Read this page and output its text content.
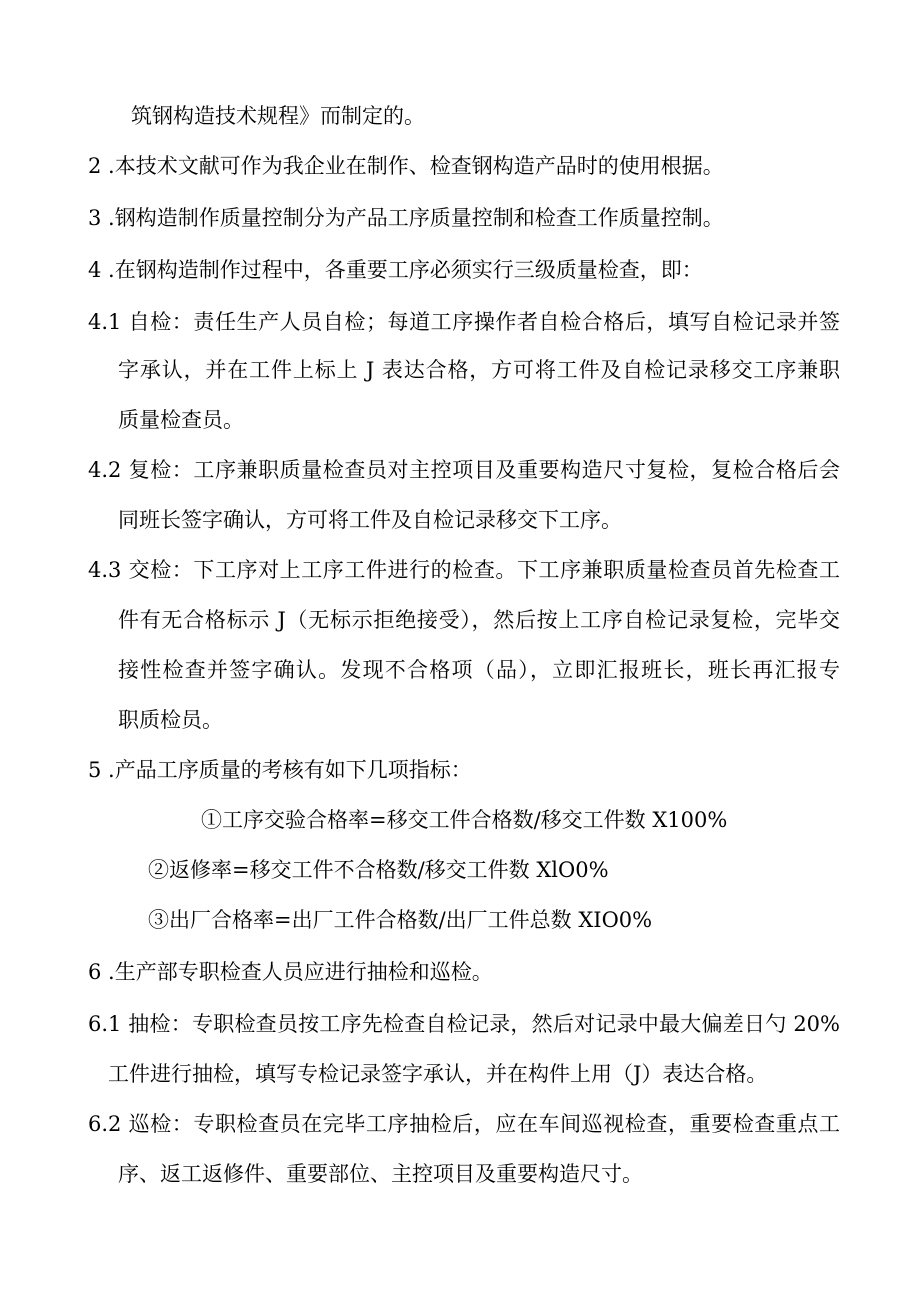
筑钢构造技术规程》而制定的。
2 .本技术文献可作为我企业在制作、检查钢构造产品时的使用根据。
3 .钢构造制作质量控制分为产品工序质量控制和检查工作质量控制。
4 .在钢构造制作过程中，各重要工序必须实行三级质量检查，即：
4.1 自检：责任生产人员自检；每道工序操作者自检合格后，填写自检记录并签
字承认，并在工件上标上 J 表达合格，方可将工件及自检记录移交工序兼职
质量检查员。
4.2 复检：工序兼职质量检查员对主控项目及重要构造尺寸复检，复检合格后会
同班长签字确认，方可将工件及自检记录移交下工序。
4.3 交检：下工序对上工序工件进行的检查。下工序兼职质量检查员首先检查工
件有无合格标示 J（无标示拒绝接受），然后按上工序自检记录复检，完毕交
接性检查并签字确认。发现不合格项（品），立即汇报班长，班长再汇报专
职质检员。
5 .产品工序质量的考核有如下几项指标：
①工序交验合格率=移交工件合格数/移交工件数 X100%
②返修率=移交工件不合格数/移交工件数 XlO0%
③出厂合格率=出厂工件合格数/出厂工件总数 XIO0%
6 .生产部专职检查人员应进行抽检和巡检。
6.1 抽检：专职检查员按工序先检查自检记录，然后对记录中最大偏差日勺 20%
工件进行抽检，填写专检记录签字承认，并在构件上用（J）表达合格。
6.2 巡检：专职检查员在完毕工序抽检后，应在车间巡视检查，重要检查重点工
序、返工返修件、重要部位、主控项目及重要构造尺寸。
